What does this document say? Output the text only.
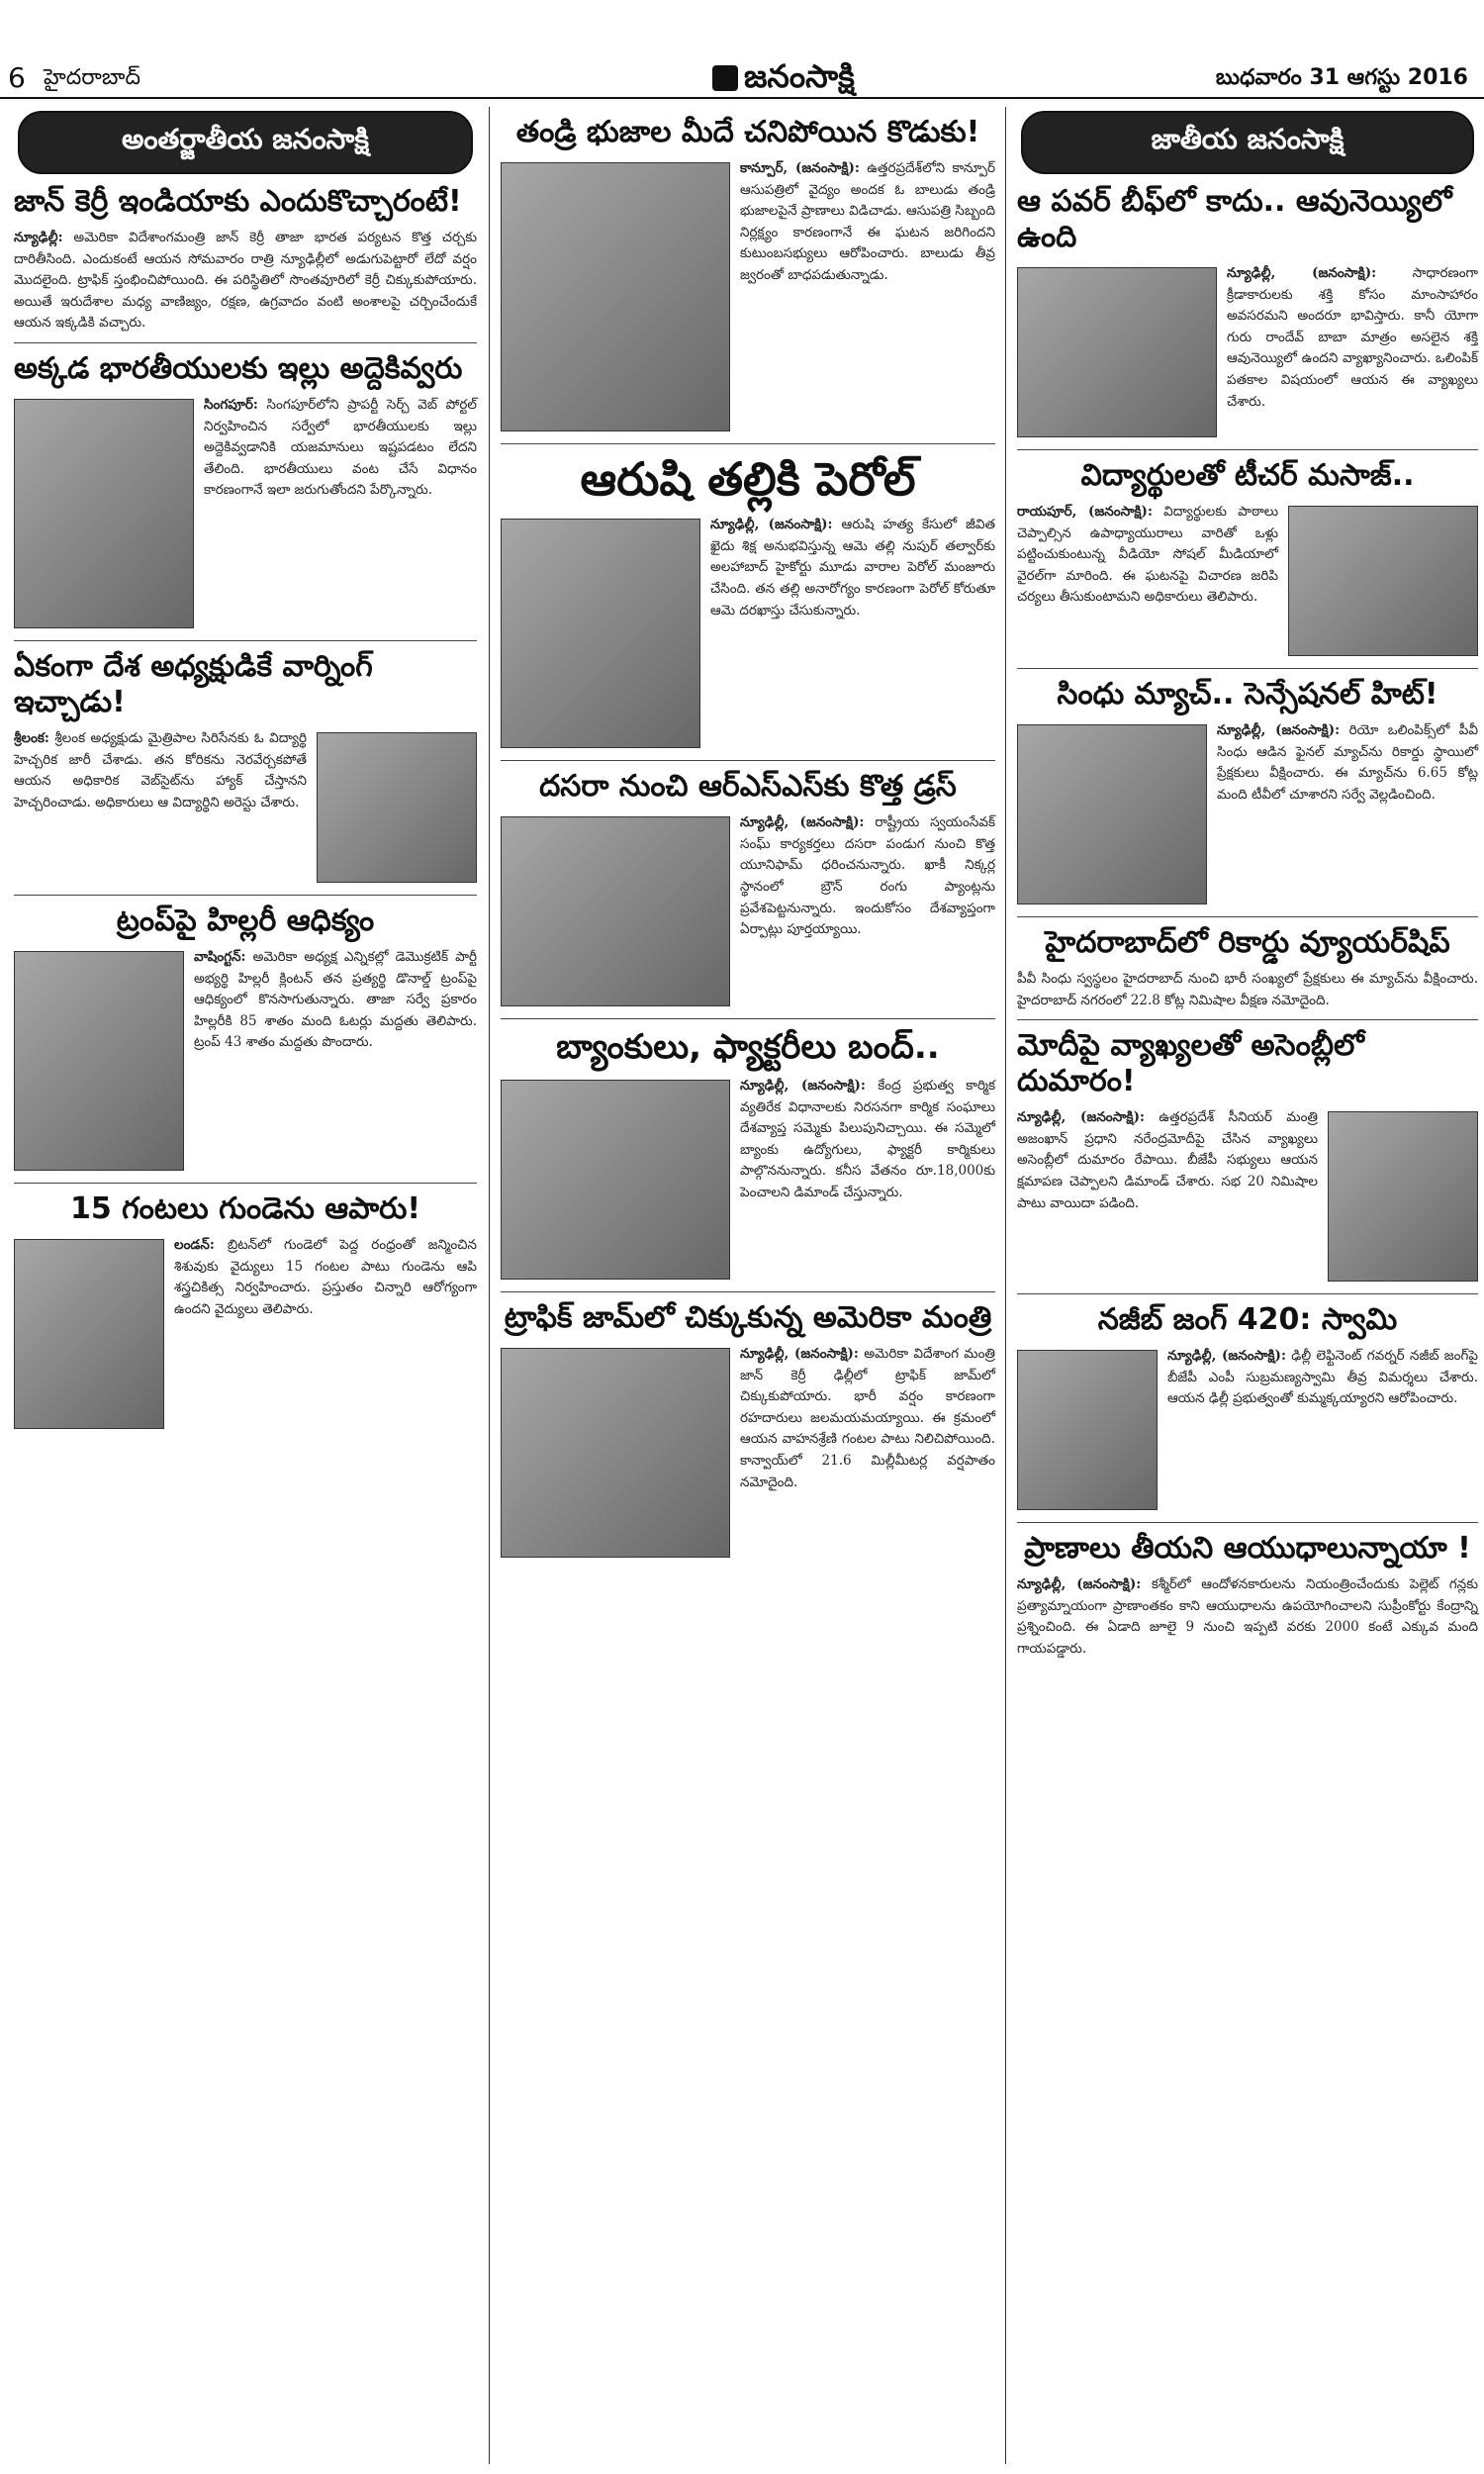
6 హైదరాబాద్	జనంసాక్షి	బుధవారం 31 ఆగస్టు 2016
అంతర్జాతీయ జనంసాక్షి
జాన్ కెర్రీ ఇండియాకు ఎందుకొచ్చారంటే!

న్యూఢిల్లీ: అమెరికా విదేశాంగమంత్రి జాన్ కెర్రీ తాజా భారత పర్యటన కొత్త చర్చకు దారితీసింది. ఎందుకంటే ఆయన సోమవారం రాత్రి న్యూఢిల్లీలో అడుగుపెట్టారో లేదో వర్షం మొదలైంది. ట్రాఫిక్ స్తంభించిపోయింది. ఈ పరిస్థితిలో సొంతవూరిలో కెర్రీ చిక్కుకుపోయారు. అయితే ఇరుదేశాల మధ్య వాణిజ్యం, రక్షణ, ఉగ్రవాదం వంటి అంశాలపై చర్చించేందుకే ఆయన ఇక్కడికి వచ్చారు.

అక్కడ భారతీయులకు ఇల్లు అద్దెకివ్వరు

సింగపూర్: సింగపూర్‌లోని ప్రాపర్టీ సెర్చ్ వెబ్ పోర్టల్ నిర్వహించిన సర్వేలో భారతీయులకు ఇల్లు అద్దెకివ్వడానికి యజమానులు ఇష్టపడటం లేదని తేలింది. భారతీయులు వంట చేసే విధానం కారణంగానే ఇలా జరుగుతోందని పేర్కొన్నారు.

ఏకంగా దేశ అధ్యక్షుడికే వార్నింగ్ ఇచ్చాడు!

శ్రీలంక: శ్రీలంక అధ్యక్షుడు మైత్రిపాల సిరిసేనకు ఓ విద్యార్థి హెచ్చరిక జారీ చేశాడు. తన కోరికను నెరవేర్చకపోతే ఆయన అధికారిక వెబ్‌సైట్‌ను హ్యాక్ చేస్తానని హెచ్చరించాడు. అధికారులు ఆ విద్యార్థిని అరెస్టు చేశారు.

ట్రంప్‌పై హిల్లరీ ఆధిక్యం

వాషింగ్టన్: అమెరికా అధ్యక్ష ఎన్నికల్లో డెమొక్రటిక్ పార్టీ అభ్యర్థి హిల్లరీ క్లింటన్ తన ప్రత్యర్థి డొనాల్డ్ ట్రంప్‌పై ఆధిక్యంలో కొనసాగుతున్నారు. తాజా సర్వే ప్రకారం హిల్లరీకి 85 శాతం మంది ఓటర్లు మద్దతు తెలిపారు. ట్రంప్ 43 శాతం మద్దతు పొందారు.

15 గంటలు గుండెను ఆపారు!

లండన్: బ్రిటన్‌లో గుండెలో పెద్ద రంధ్రంతో జన్మించిన శిశువుకు వైద్యులు 15 గంటల పాటు గుండెను ఆపి శస్త్రచికిత్స నిర్వహించారు. ప్రస్తుతం చిన్నారి ఆరోగ్యంగా ఉందని వైద్యులు తెలిపారు.

తండ్రి భుజాల మీదే చనిపోయిన కొడుకు!

కాన్పూర్, (జనంసాక్షి): ఉత్తరప్రదేశ్‌లోని కాన్పూర్ ఆసుపత్రిలో వైద్యం అందక ఓ బాలుడు తండ్రి భుజాలపైనే ప్రాణాలు విడిచాడు. ఆసుపత్రి సిబ్బంది నిర్లక్ష్యం కారణంగానే ఈ ఘటన జరిగిందని కుటుంబసభ్యులు ఆరోపించారు. బాలుడు తీవ్ర జ్వరంతో బాధపడుతున్నాడు.

ఆరుషి తల్లికి పెరోల్

న్యూఢిల్లీ, (జనంసాక్షి): ఆరుషి హత్య కేసులో జీవిత ఖైదు శిక్ష అనుభవిస్తున్న ఆమె తల్లి నుపుర్ తల్వార్‌కు అలహాబాద్ హైకోర్టు మూడు వారాల పెరోల్ మంజూరు చేసింది. తన తల్లి అనారోగ్యం కారణంగా పెరోల్ కోరుతూ ఆమె దరఖాస్తు చేసుకున్నారు.

దసరా నుంచి ఆర్ఎస్ఎస్‌కు కొత్త డ్రస్

న్యూఢిల్లీ, (జనంసాక్షి): రాష్ట్రీయ స్వయంసేవక్ సంఘ్ కార్యకర్తలు దసరా పండుగ నుంచి కొత్త యూనిఫామ్ ధరించనున్నారు. ఖాకీ నిక్కర్ల స్థానంలో బ్రౌన్ రంగు ప్యాంట్లను ప్రవేశపెట్టనున్నారు. ఇందుకోసం దేశవ్యాప్తంగా ఏర్పాట్లు పూర్తయ్యాయి.

బ్యాంకులు, ఫ్యాక్టరీలు బంద్..

న్యూఢిల్లీ, (జనంసాక్షి): కేంద్ర ప్రభుత్వ కార్మిక వ్యతిరేక విధానాలకు నిరసనగా కార్మిక సంఘాలు దేశవ్యాప్త సమ్మెకు పిలుపునిచ్చాయి. ఈ సమ్మెలో బ్యాంకు ఉద్యోగులు, ఫ్యాక్టరీ కార్మికులు పాల్గొననున్నారు. కనీస వేతనం రూ.18,000కు పెంచాలని డిమాండ్ చేస్తున్నారు.

ట్రాఫిక్ జామ్‌లో చిక్కుకున్న అమెరికా మంత్రి

న్యూఢిల్లీ, (జనంసాక్షి): అమెరికా విదేశాంగ మంత్రి జాన్ కెర్రీ ఢిల్లీలో ట్రాఫిక్ జామ్‌లో చిక్కుకుపోయారు. భారీ వర్షం కారణంగా రహదారులు జలమయమయ్యాయి. ఈ క్రమంలో ఆయన వాహనశ్రేణి గంటల పాటు నిలిచిపోయింది. కాన్వాయ్‌లో 21.6 మిల్లీమీటర్ల వర్షపాతం నమోదైంది.

జాతీయ జనంసాక్షి
ఆ పవర్ బీఫ్‌లో కాదు.. ఆవునెయ్యిలో ఉంది

న్యూఢిల్లీ, (జనంసాక్షి):	సాధారణంగా క్రీడాకారులకు శక్తి కోసం మాంసాహారం అవసరమని అందరూ భావిస్తారు. కానీ యోగా గురు రాందేవ్ బాబా మాత్రం అసలైన శక్తి ఆవునెయ్యిలో ఉందని వ్యాఖ్యానించారు. ఒలింపిక్ పతకాల విషయంలో ఆయన ఈ వ్యాఖ్యలు చేశారు.

విద్యార్థులతో టీచర్ మసాజ్..

రాయపూర్, (జనంసాక్షి): విద్యార్థులకు పాఠాలు చెప్పాల్సిన ఉపాధ్యాయురాలు వారితో ఒళ్లు పట్టించుకుంటున్న వీడియో సోషల్ మీడియాలో వైరల్‌గా మారింది. ఈ ఘటనపై విచారణ జరిపి చర్యలు తీసుకుంటామని అధికారులు తెలిపారు.

సింధు మ్యాచ్.. సెన్సేషనల్ హిట్!

న్యూఢిల్లీ, (జనంసాక్షి): రియో ఒలింపిక్స్‌లో పీవీ సింధు ఆడిన ఫైనల్ మ్యాచ్‌ను రికార్డు స్థాయిలో ప్రేక్షకులు వీక్షించారు. ఈ మ్యాచ్‌ను 6.65 కోట్ల మంది టీవీలో చూశారని సర్వే వెల్లడించింది.

హైదరాబాద్‌లో రికార్డు వ్యూయర్‌షిప్

పీవీ సింధు స్వస్థలం హైదరాబాద్ నుంచి భారీ సంఖ్యలో ప్రేక్షకులు ఈ మ్యాచ్‌ను వీక్షించారు. హైదరాబాద్ నగరంలో 22.8 కోట్ల నిమిషాల వీక్షణ నమోదైంది.

మోదీపై వ్యాఖ్యలతో అసెంబ్లీలో దుమారం!

న్యూఢిల్లీ, (జనంసాక్షి): ఉత్తరప్రదేశ్ సీనియర్ మంత్రి అజంఖాన్ ప్రధాని నరేంద్రమోదీపై చేసిన వ్యాఖ్యలు అసెంబ్లీలో దుమారం రేపాయి. బీజేపీ సభ్యులు ఆయన క్షమాపణ చెప్పాలని డిమాండ్ చేశారు. సభ 20 నిమిషాల పాటు వాయిదా పడింది.

నజీబ్ జంగ్ 420: స్వామి

న్యూఢిల్లీ, (జనంసాక్షి): ఢిల్లీ లెఫ్టినెంట్ గవర్నర్ నజీబ్ జంగ్‌పై బీజేపీ ఎంపీ సుబ్రమణ్యస్వామి తీవ్ర విమర్శలు చేశారు. ఆయన ఢిల్లీ ప్రభుత్వంతో కుమ్మక్కయ్యారని ఆరోపించారు.

ప్రాణాలు తీయని ఆయుధాలున్నాయా !

న్యూఢిల్లీ, (జనంసాక్షి): కశ్మీర్‌లో ఆందోళనకారులను నియంత్రించేందుకు పెల్లెట్ గన్లకు ప్రత్యామ్నాయంగా ప్రాణాంతకం కాని ఆయుధాలను ఉపయోగించాలని సుప్రీంకోర్టు కేంద్రాన్ని ప్రశ్నించింది. ఈ ఏడాది జూలై 9 నుంచి ఇప్పటి వరకు 2000 కంటే ఎక్కువ మంది గాయపడ్డారు.
